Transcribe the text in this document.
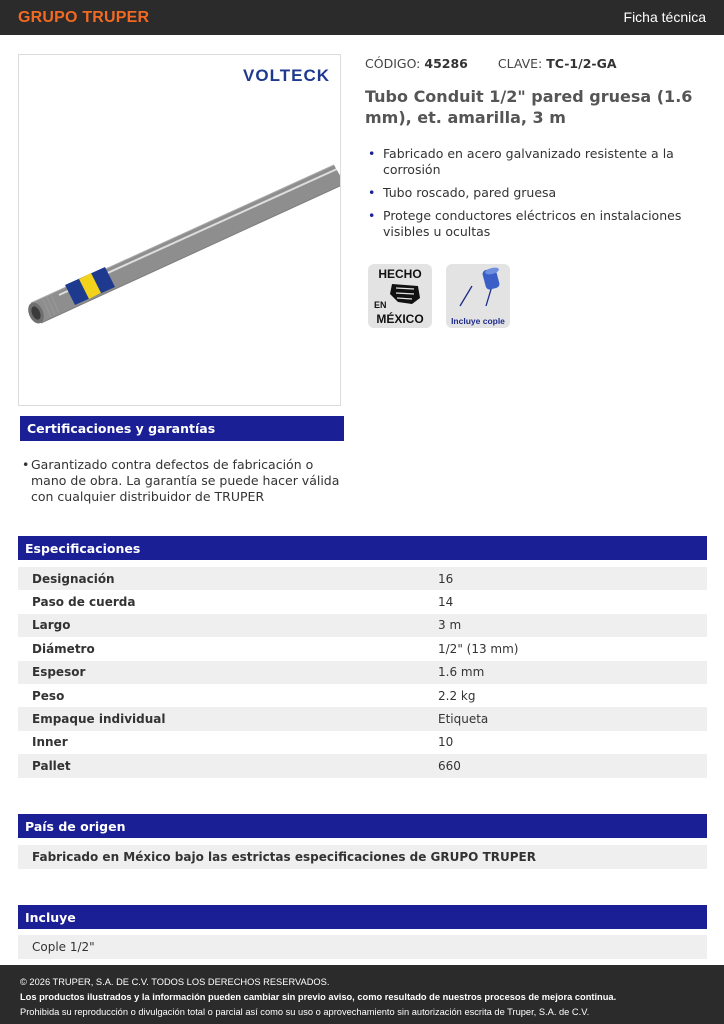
GRUPO TRUPER	Ficha técnica
VOLTECK
CÓDIGO: 45286 CLAVE: TC-1/2-GA
Tubo Conduit 1/2" pared gruesa (1.6 mm), et. amarilla, 3 m
• Fabricado en acero galvanizado resistente a la corrosión
• Tubo roscado, pared gruesa
• Protege conductores eléctricos en instalaciones visibles u ocultas
HECHO
EN
MÉXICO	Incluye cople
Certificaciones y garantías
• Garantizado contra defectos de fabricación o mano de obra. La garantía se puede hacer válida con cualquier distribuidor de TRUPER
Especificaciones
Designación	16
Paso de cuerda	14
Largo	3 m
Diámetro	1/2" (13 mm)
Espesor	1.6 mm
Peso	2.2 kg
Empaque individual	Etiqueta
Inner	10
Pallet	660
País de origen
Fabricado en México bajo las estrictas especificaciones de GRUPO TRUPER
Incluye
Cople 1/2"
© 2026 TRUPER, S.A. DE C.V. TODOS LOS DERECHOS RESERVADOS.
Los productos ilustrados y la información pueden cambiar sin previo aviso, como resultado de nuestros procesos de mejora continua.
Prohibida su reproducción o divulgación total o parcial así como su uso o aprovechamiento sin autorización escrita de Truper, S.A. de C.V.
